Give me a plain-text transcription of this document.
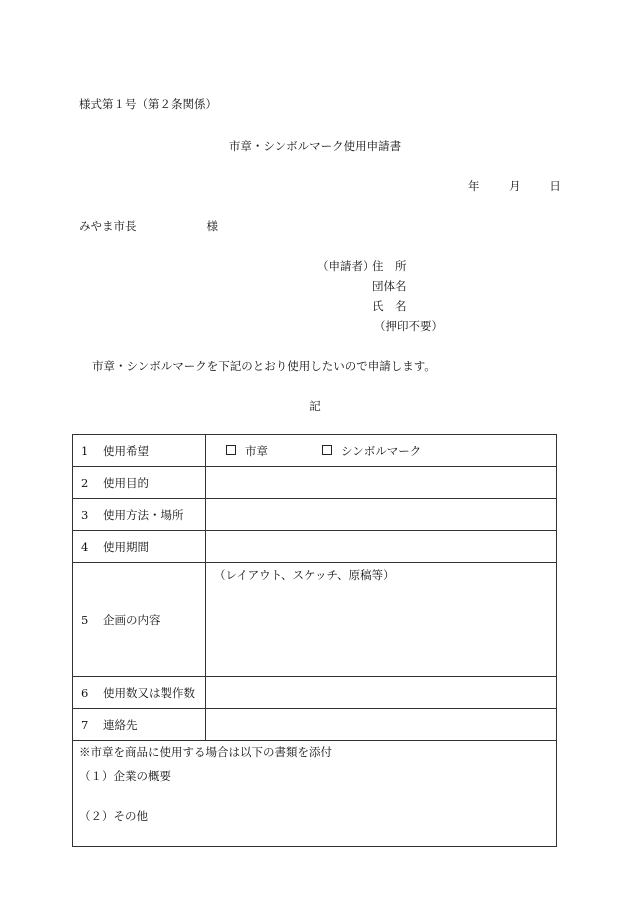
様式第１号（第２条関係）
市章・シンボルマーク使用申請書
年	月 日
みやま市長	様
（申請者）
住　所
団体名
氏　名
（押印不要）
市章・シンボルマークを下記のとおり使用したいので申請します。
記
1 使用希望	市章 シンボルマーク
2 使用目的	
3 使用方法・場所	
4 使用期間	
5 企画の内容	（レイアウト、スケッチ、原稿等）
6 使用数又は製作数	
7 連絡先	

※市章を商品に使用する場合は以下の書類を添付
（１）企業の概要
（２）その他	
